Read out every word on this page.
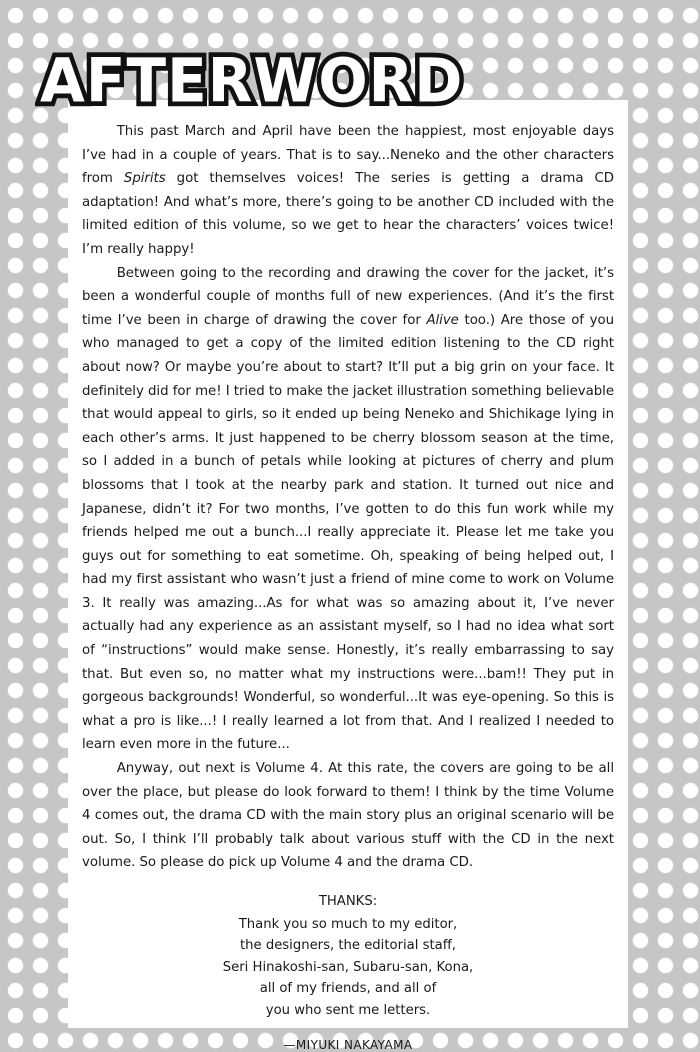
AFTERWORD

This past March and April have been the happiest, most enjoyable days I’ve had in a couple of years. That is to say...Neneko and the other characters from Spirits got themselves voices! The series is getting a drama CD adaptation! And what’s more, there’s going to be another CD included with the limited edition of this volume, so we get to hear the characters’ voices twice! I’m really happy!

Between going to the recording and drawing the cover for the jacket, it’s been a wonderful couple of months full of new experiences. (And it’s the first time I’ve been in charge of drawing the cover for Alive too.) Are those of you who managed to get a copy of the limited edition listening to the CD right about now? Or maybe you’re about to start? It’ll put a big grin on your face. It definitely did for me! I tried to make the jacket illustration something believable that would appeal to girls, so it ended up being Neneko and Shichikage lying in each other’s arms. It just happened to be cherry blossom season at the time, so I added in a bunch of petals while looking at pictures of cherry and plum blossoms that I took at the nearby park and station. It turned out nice and Japanese, didn’t it? For two months, I’ve gotten to do this fun work while my friends helped me out a bunch...I really appreciate it. Please let me take you guys out for something to eat sometime. Oh, speaking of being helped out, I had my first assistant who wasn’t just a friend of mine come to work on Volume 3. It really was amazing...As for what was so amazing about it, I’ve never actually had any experience as an assistant myself, so I had no idea what sort of “instructions” would make sense. Honestly, it’s really embarrassing to say that. But even so, no matter what my instructions were...bam!! They put in gorgeous backgrounds! Wonderful, so wonderful...It was eye-opening. So this is what a pro is like...! I really learned a lot from that. And I realized I needed to learn even more in the future...

Anyway, out next is Volume 4. At this rate, the covers are going to be all over the place, but please do look forward to them! I think by the time Volume 4 comes out, the drama CD with the main story plus an original scenario will be out. So, I think I’ll probably talk about various stuff with the CD in the next volume. So please do pick up Volume 4 and the drama CD.

THANKS:
Thank you so much to my editor,
the designers, the editorial staff,
Seri Hinakoshi-san, Subaru-san, Kona,
all of my friends, and all of
you who sent me letters.
—MIYUKI NAKAYAMA
